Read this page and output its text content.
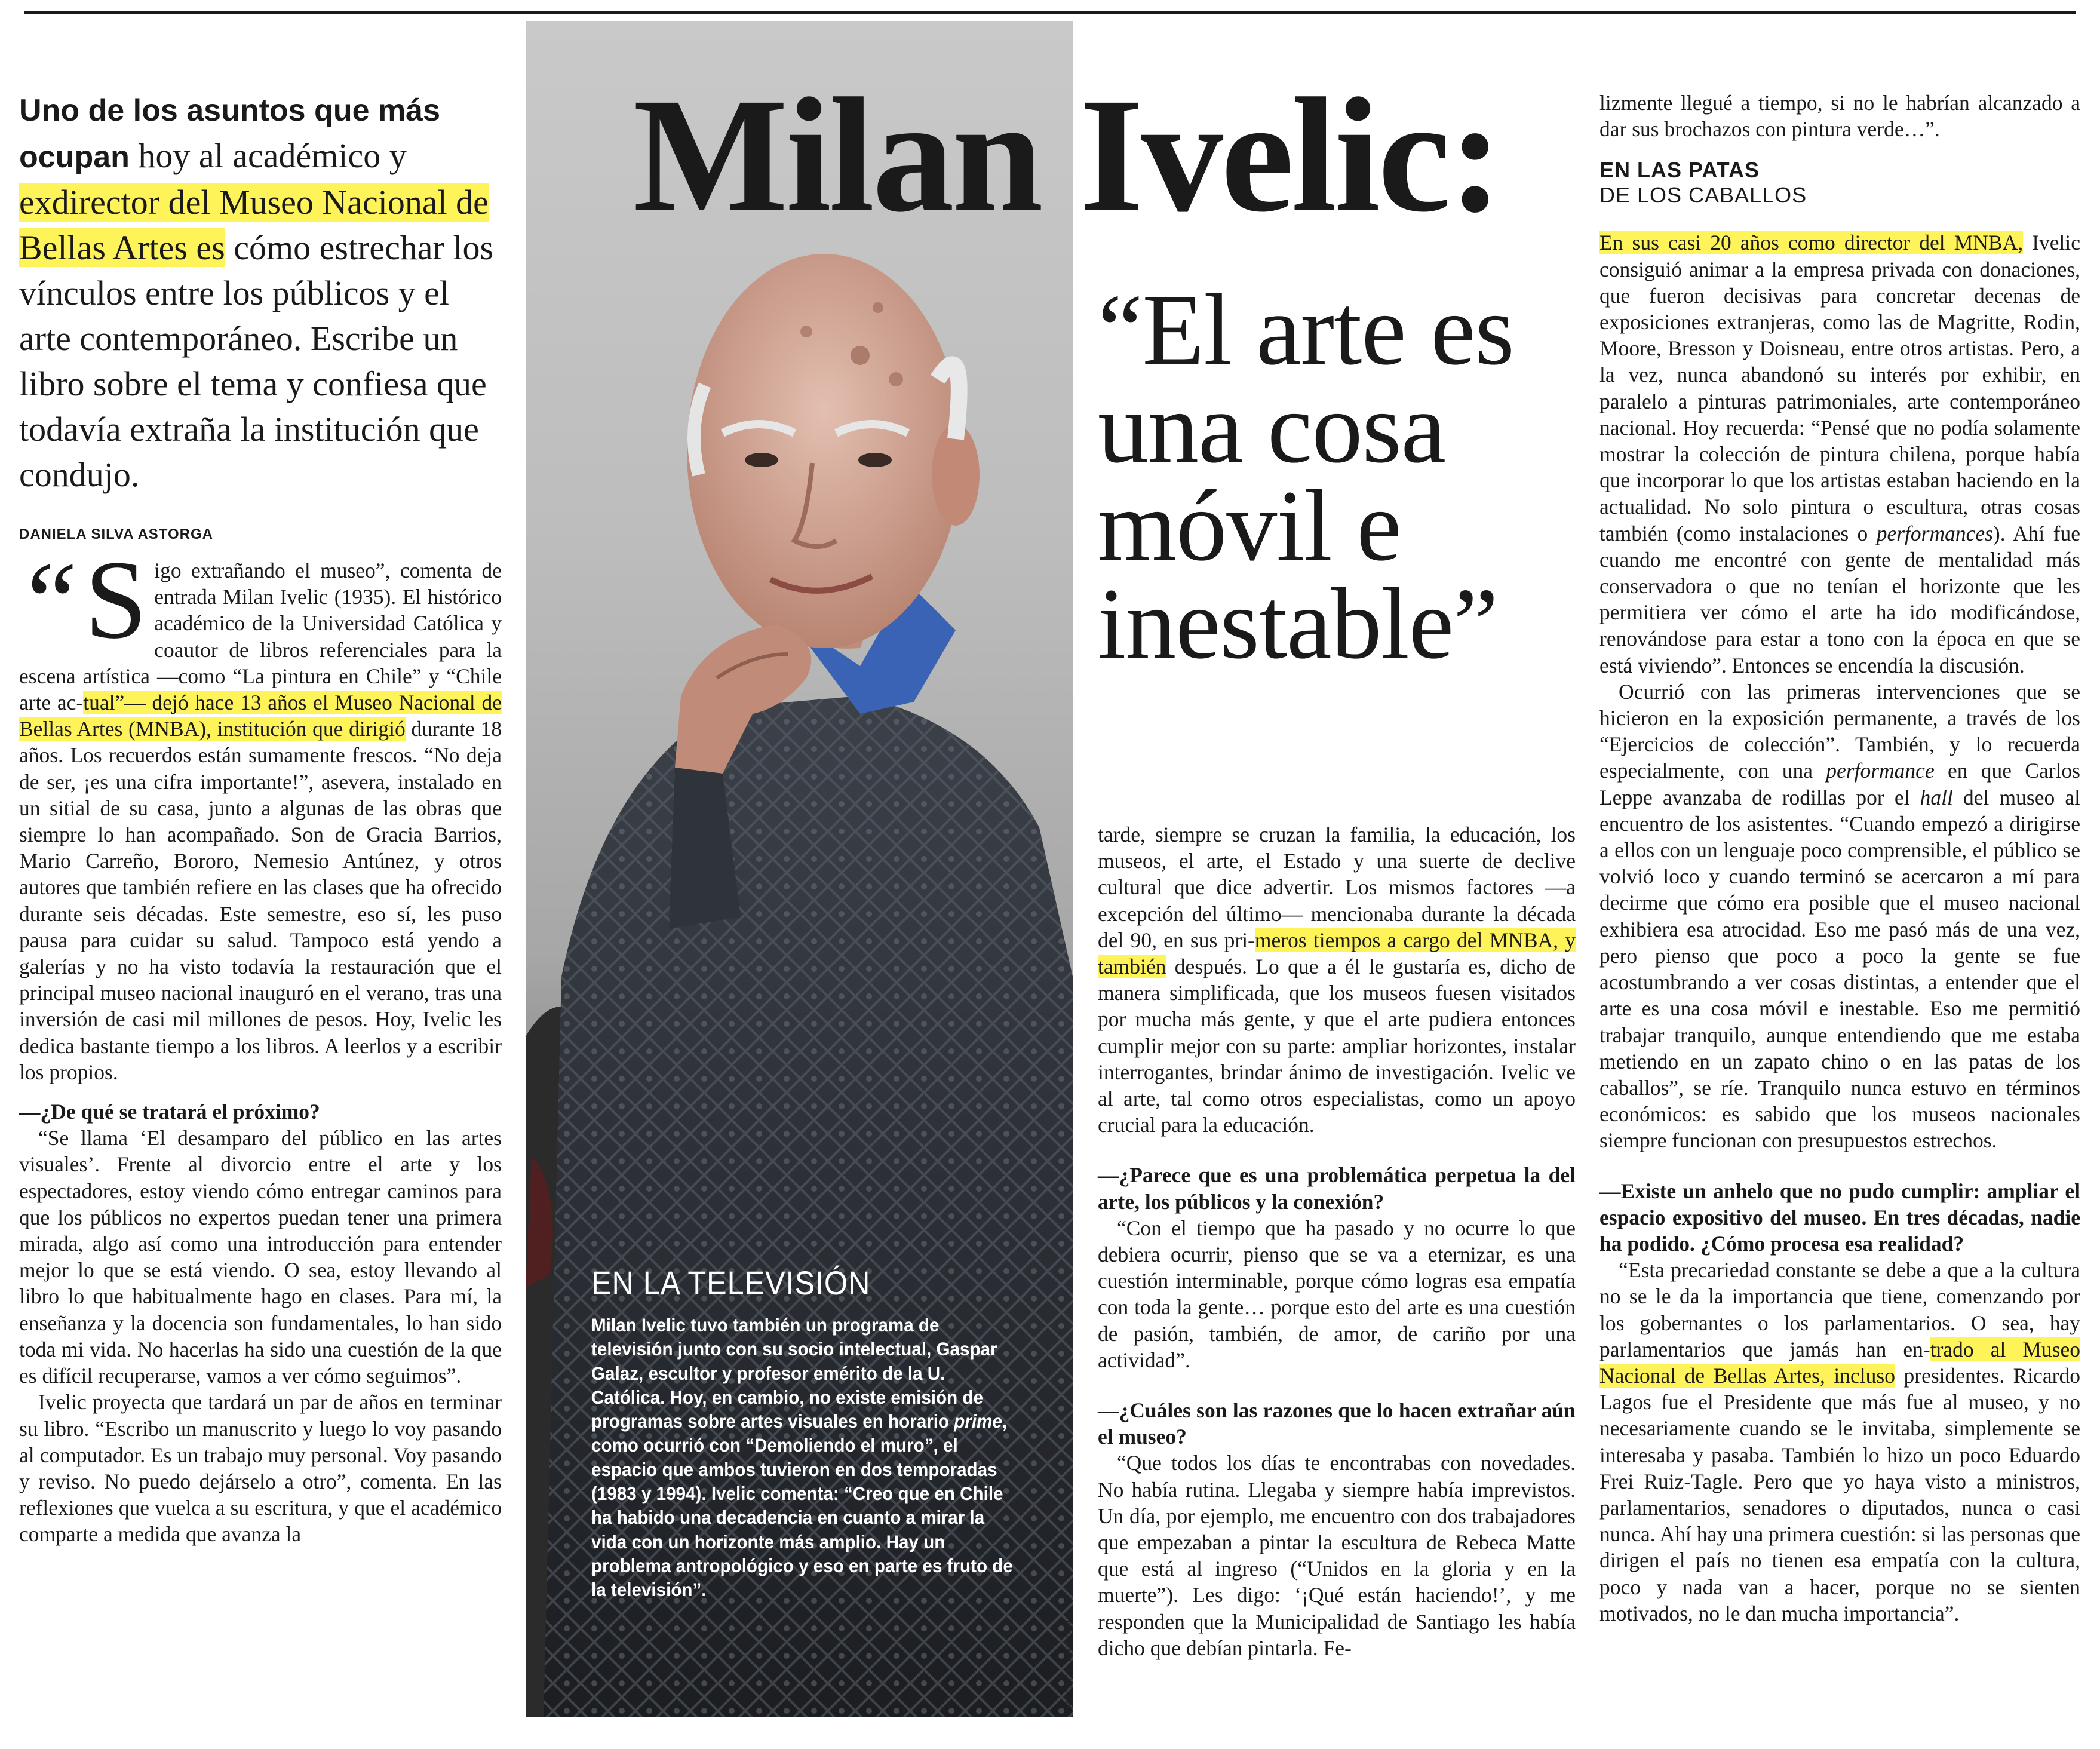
Milan Ivelic:
“El arte es
una cosa
móvil e
inestable”
EN LA TELEVISIÓN

Milan Ivelic tuvo también un programa de televisión junto con su socio intelectual, Gaspar Galaz, escultor y profesor emérito de la U. Católica. Hoy, en cambio, no existe emisión de programas sobre artes visuales en horario prime, como ocurrió con “Demoliendo el muro”, el espacio que ambos tuvieron en dos temporadas (1983 y 1994). Ivelic comenta: “Creo que en Chile ha habido una decadencia en cuanto a mirar la vida con un horizonte más amplio. Hay un problema antropológico y eso en parte es fruto de la televisión”.

HÉCTOR ARAVENA

Uno de los asuntos que más ocupan hoy al académico y exdirector del Museo Nacional de Bellas Artes es cómo estrechar los vínculos entre los públicos y el arte contemporáneo. Escribe un libro sobre el tema y confiesa que todavía extraña la institución que condujo.

DANIELA SILVA ASTORGA

“ S igo extrañando el museo”, comenta de entrada Milan Ivelic (1935). El histórico académico de la Universidad Católica y coautor de libros referenciales para la escena artística —como “La pintura en Chile” y “Chile arte ac-tual”— dejó hace 13 años el Museo Nacional de Bellas Artes (MNBA), institución que dirigió durante 18 años. Los recuerdos están sumamente frescos. “No deja de ser, ¡es una cifra importante!”, asevera, instalado en un sitial de su casa, junto a algunas de las obras que siempre lo han acompañado. Son de Gracia Barrios, Mario Carreño, Bororo, Nemesio Antúnez, y otros autores que también refiere en las clases que ha ofrecido durante seis décadas. Este semestre, eso sí, les puso pausa para cuidar su salud. Tampoco está yendo a galerías y no ha visto todavía la restauración que el principal museo nacional inauguró en el verano, tras una inversión de casi mil millones de pesos. Hoy, Ivelic les dedica bastante tiempo a los libros. A leerlos y a escribir los propios.

—¿De qué se tratará el próximo?

“Se llama ‘El desamparo del público en las artes visuales’. Frente al divorcio entre el arte y los espectadores, estoy viendo cómo entregar caminos para que los públicos no expertos puedan tener una primera mirada, algo así como una introducción para entender mejor lo que se está viendo. O sea, estoy llevando al libro lo que habitualmente hago en clases. Para mí, la enseñanza y la docencia son fundamentales, lo han sido toda mi vida. No hacerlas ha sido una cuestión de la que es difícil recuperarse, vamos a ver cómo seguimos”.

Ivelic proyecta que tardará un par de años en terminar su libro. “Escribo un manuscrito y luego lo voy pasando al computador. Es un trabajo muy personal. Voy pasando y reviso. No puedo dejárselo a otro”, comenta. En las reflexiones que vuelca a su escritura, y que el académico comparte a medida que avanza la

tarde, siempre se cruzan la familia, la educación, los museos, el arte, el Estado y una suerte de declive cultural que dice advertir. Los mismos factores —a excepción del último— mencionaba durante la década del 90, en sus pri-meros tiempos a cargo del MNBA, y también después. Lo que a él le gustaría es, dicho de manera simplificada, que los museos fuesen visitados por mucha más gente, y que el arte pudiera entonces cumplir mejor con su parte: ampliar horizontes, instalar interrogantes, brindar ánimo de investigación. Ivelic ve al arte, tal como otros especialistas, como un apoyo crucial para la educación.

—¿Parece que es una problemática perpetua la del arte, los públicos y la conexión?

“Con el tiempo que ha pasado y no ocurre lo que debiera ocurrir, pienso que se va a eternizar, es una cuestión interminable, porque cómo logras esa empatía con toda la gente… porque esto del arte es una cuestión de pasión, también, de amor, de cariño por una actividad”.

—¿Cuáles son las razones que lo hacen extrañar aún el museo?

“Que todos los días te encontrabas con novedades. No había rutina. Llegaba y siempre había imprevistos. Un día, por ejemplo, me encuentro con dos trabajadores que empezaban a pintar la escultura de Rebeca Matte que está al ingreso (“Unidos en la gloria y en la muerte”). Les digo: ‘¡Qué están haciendo!’, y me responden que la Municipalidad de Santiago les había dicho que debían pintarla. Fe-

lizmente llegué a tiempo, si no le habrían alcanzado a dar sus brochazos con pintura verde…”.

EN LAS PATAS
DE LOS CABALLOS

En sus casi 20 años como director del MNBA, Ivelic consiguió animar a la empresa privada con donaciones, que fueron decisivas para concretar decenas de exposiciones extranjeras, como las de Magritte, Rodin, Moore, Bresson y Doisneau, entre otros artistas. Pero, a la vez, nunca abandonó su interés por exhibir, en paralelo a pinturas patrimoniales, arte contemporáneo nacional. Hoy recuerda: “Pensé que no podía solamente mostrar la colección de pintura chilena, porque había que incorporar lo que los artistas estaban haciendo en la actualidad. No solo pintura o escultura, otras cosas también (como instalaciones o performances). Ahí fue cuando me encontré con gente de mentalidad más conservadora o que no tenían el horizonte que les permitiera ver cómo el arte ha ido modificándose, renovándose para estar a tono con la época en que se está viviendo”. Entonces se encendía la discusión.

Ocurrió con las primeras intervenciones que se hicieron en la exposición permanente, a través de los “Ejercicios de colección”. También, y lo recuerda especialmente, con una performance en que Carlos Leppe avanzaba de rodillas por el hall del museo al encuentro de los asistentes. “Cuando empezó a dirigirse a ellos con un lenguaje poco comprensible, el público se volvió loco y cuando terminó se acercaron a mí para decirme que cómo era posible que el museo nacional exhibiera esa atrocidad. Eso me pasó más de una vez, pero pienso que poco a poco la gente se fue acostumbrando a ver cosas distintas, a entender que el arte es una cosa móvil e inestable. Eso me permitió trabajar tranquilo, aunque entendiendo que me estaba metiendo en un zapato chino o en las patas de los caballos”, se ríe. Tranquilo nunca estuvo en términos económicos: es sabido que los museos nacionales siempre funcionan con presupuestos estrechos.

—Existe un anhelo que no pudo cumplir: ampliar el espacio expositivo del museo. En tres décadas, nadie ha podido. ¿Cómo procesa esa realidad?

“Esta precariedad constante se debe a que a la cultura no se le da la importancia que tiene, comenzando por los gobernantes o los parlamentarios. O sea, hay parlamentarios que jamás han en-trado al Museo Nacional de Bellas Artes, incluso presidentes. Ricardo Lagos fue el Presidente que más fue al museo, y no necesariamente cuando se le invitaba, simplemente se interesaba y pasaba. También lo hizo un poco Eduardo Frei Ruiz-Tagle. Pero que yo haya visto a ministros, parlamentarios, senadores o diputados, nunca o casi nunca. Ahí hay una primera cuestión: si las personas que dirigen el país no tienen esa empatía con la cultura, poco y nada van a hacer, porque no se sienten motivados, no le dan mucha importancia”.
